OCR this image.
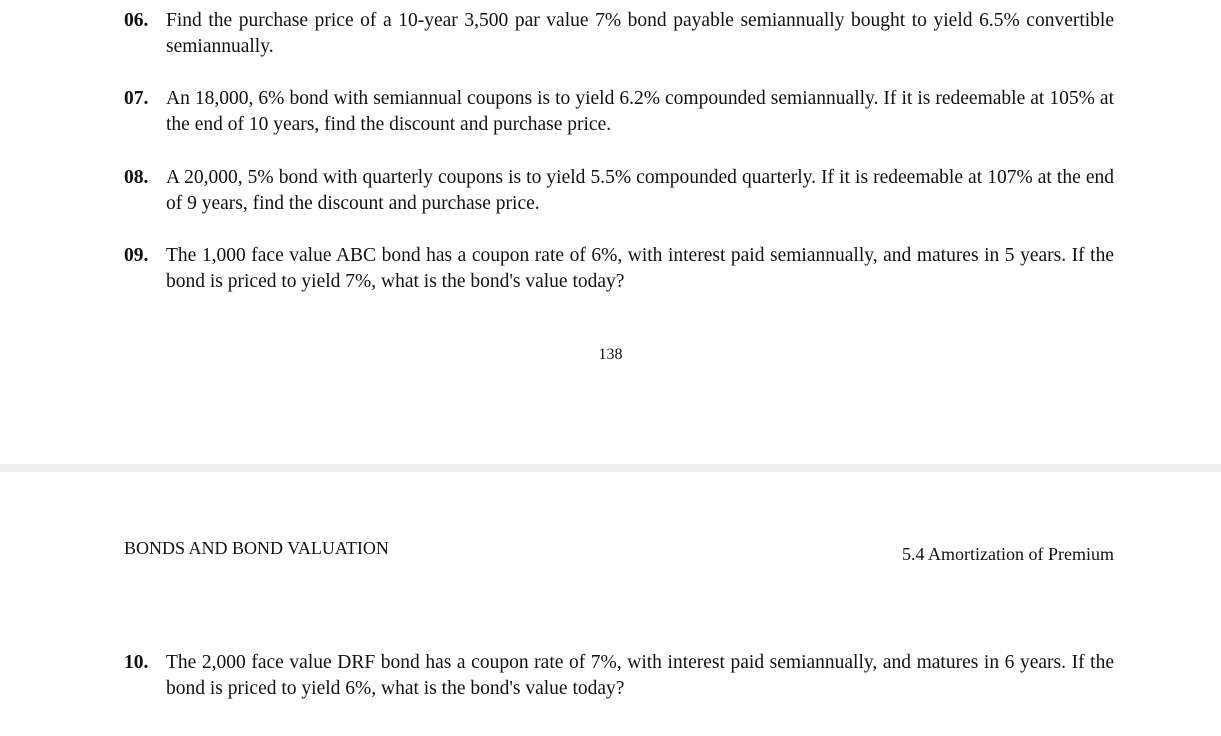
06. Find the purchase price of a 10-year 3,500 par value 7% bond payable semiannually bought to yield 6.5% convertible semiannually.
07. An 18,000, 6% bond with semiannual coupons is to yield 6.2% compounded semiannually. If it is redeemable at 105% at the end of 10 years, find the discount and purchase price.
08. A 20,000, 5% bond with quarterly coupons is to yield 5.5% compounded quarterly. If it is redeemable at 107% at the end of 9 years, find the discount and purchase price.
09. The 1,000 face value ABC bond has a coupon rate of 6%, with interest paid semiannually, and matures in 5 years. If the bond is priced to yield 7%, what is the bond's value today?
138
BONDS AND BOND VALUATION	5.4 Amortization of Premium
10. The 2,000 face value DRF bond has a coupon rate of 7%, with interest paid semiannually, and matures in 6 years. If the bond is priced to yield 6%, what is the bond's value today?
